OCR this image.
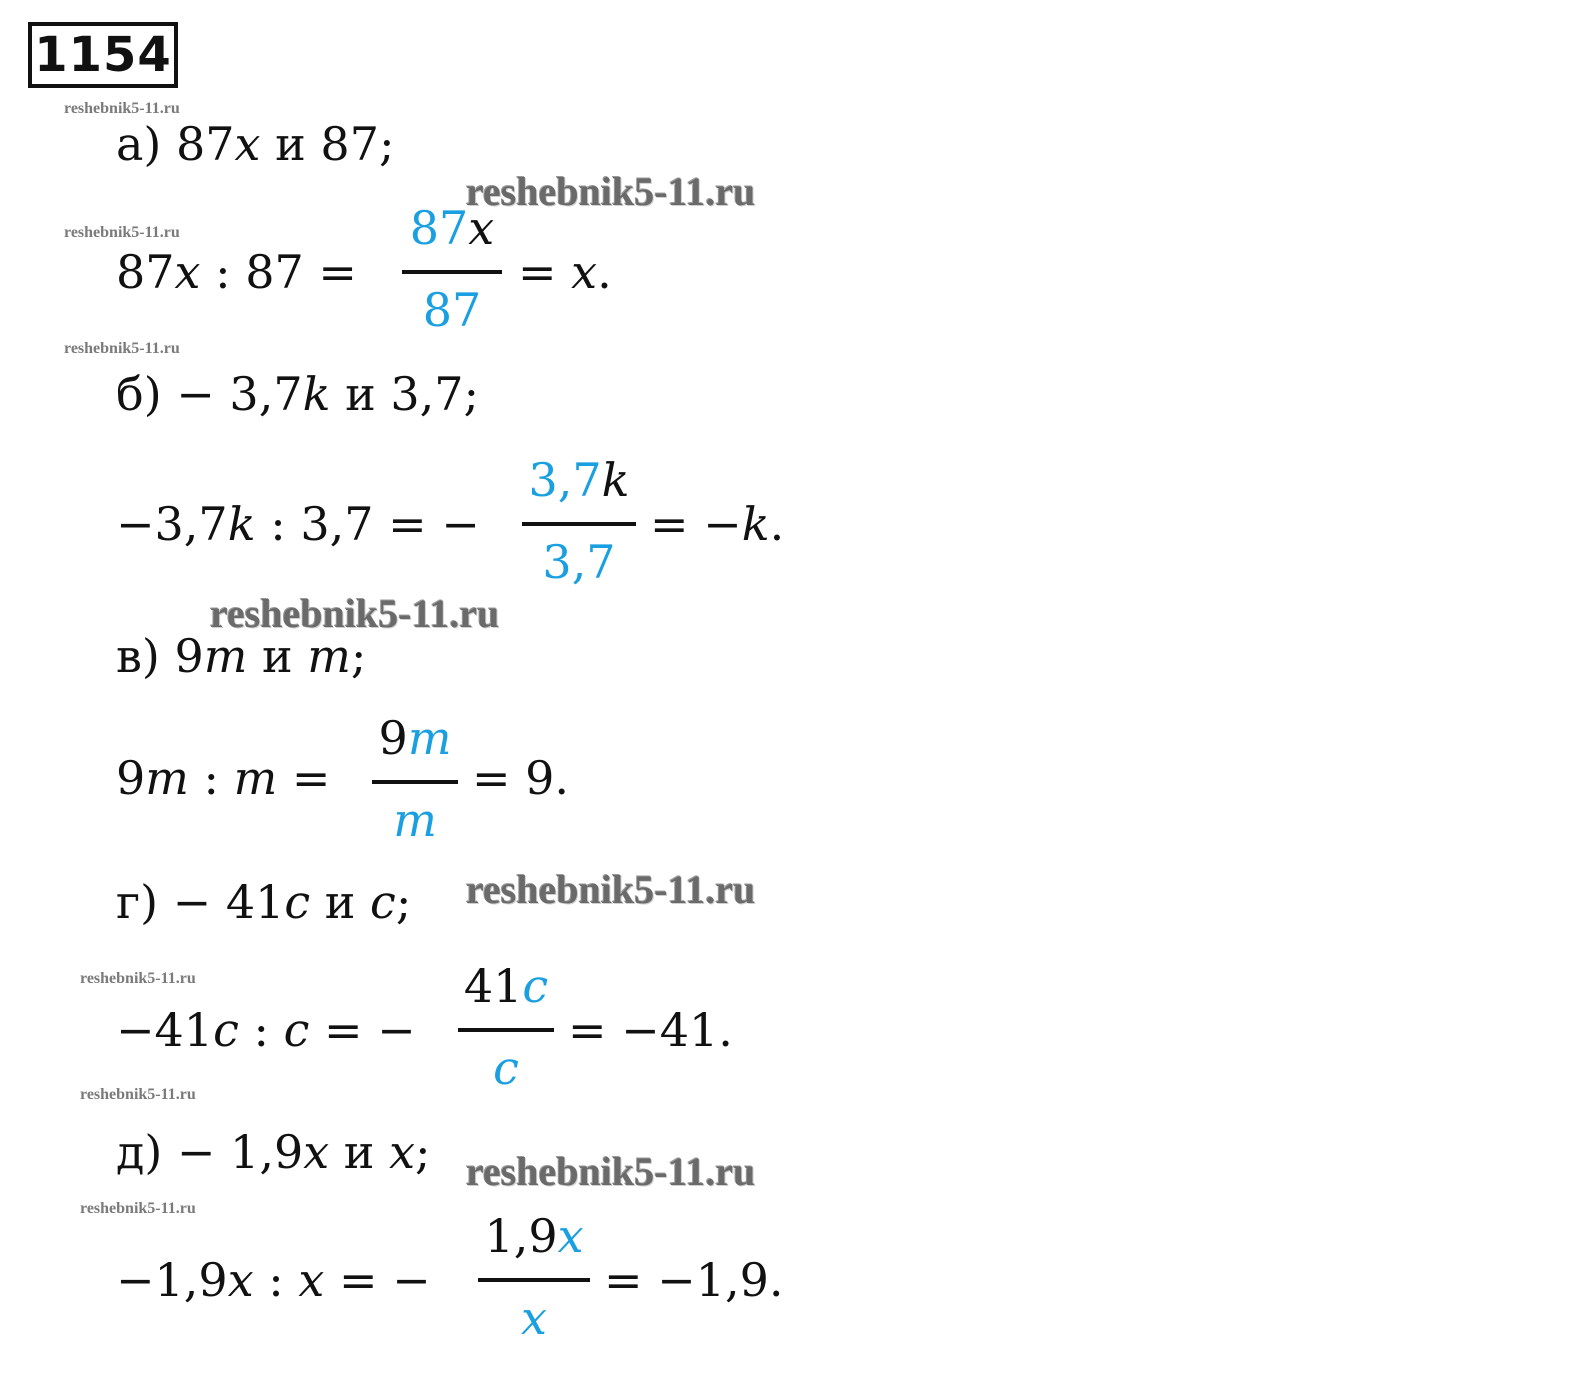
1154
reshebnik5-11.ru
reshebnik5-11.ru
reshebnik5-11.ru
reshebnik5-11.ru
reshebnik5-11.ru
reshebnik5-11.ru
а) 87x и 87;
87x : 87 =
87x
87
= x.
б) − 3,7k и 3,7;
−3,7k : 3,7 = −
3,7k
3,7
= −k.
в) 9m и m;
9m : m =
9m
m
= 9.
г) − 41c и c;
−41c : c = −
41c
c
= −41.
д) − 1,9x и x;
−1,9x : x = −
1,9x
x
= −1,9.
reshebnik5-11.ru
reshebnik5-11.ru
reshebnik5-11.ru
reshebnik5-11.ru
